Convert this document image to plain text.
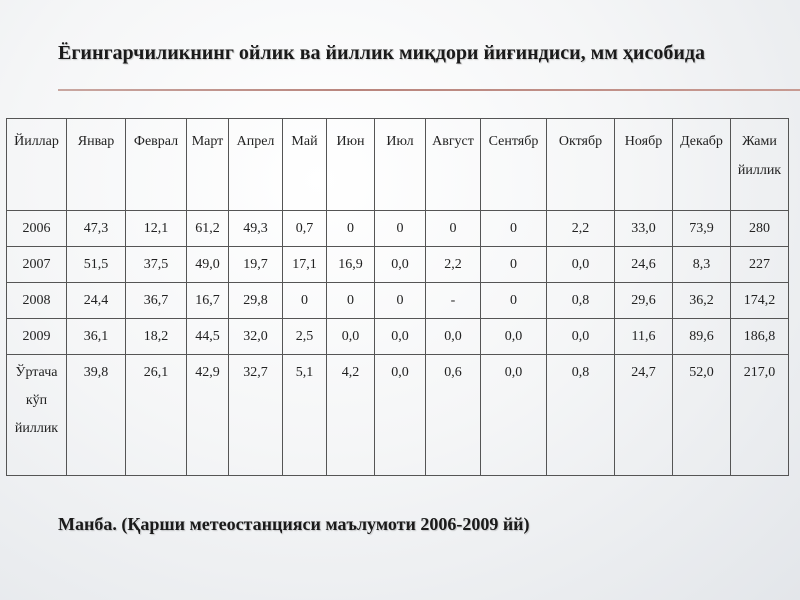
Ёгингарчиликнинг ойлик ва йиллик миқдори йиғиндиси, мм ҳисобида
Йиллар	Январ	Феврал	Март	Апрел	Май	Июн	Июл	Август	Сентябр	Октябр	Ноябр	Декабр	Жами йиллик
2006	47,3	12,1	61,2	49,3	0,7	0	0	0	0	2,2	33,0	73,9	280
2007	51,5	37,5	49,0	19,7	17,1	16,9	0,0	2,2	0	0,0	24,6	8,3	227
2008	24,4	36,7	16,7	29,8	0	0	0	-	0	0,8	29,6	36,2	174,2
2009	36,1	18,2	44,5	32,0	2,5	0,0	0,0	0,0	0,0	0,0	11,6	89,6	186,8
Ўртача кўп йиллик	39,8	26,1	42,9	32,7	5,1	4,2	0,0	0,6	0,0	0,8	24,7	52,0	217,0
Манба. (Қарши метеостанцияси маълумоти 2006-2009 йй)
